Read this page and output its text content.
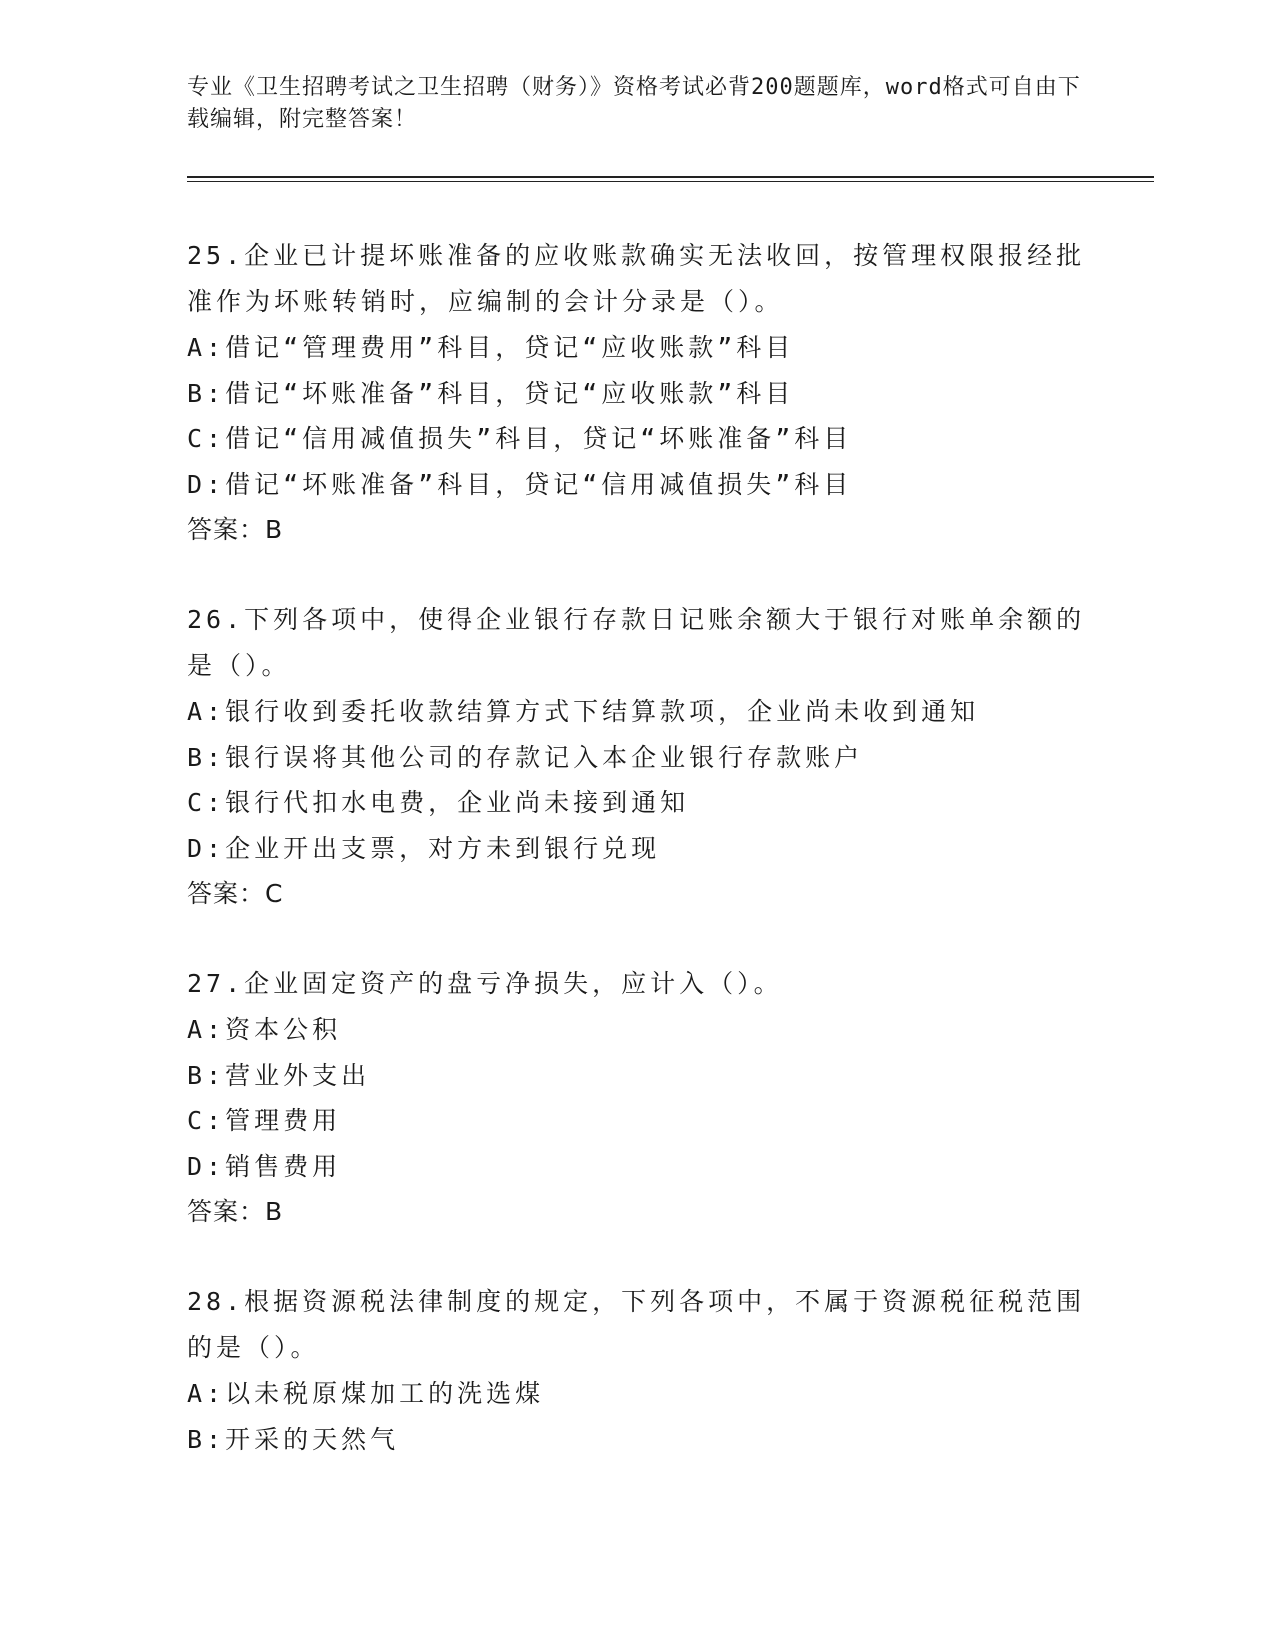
专业《卫生招聘考试之卫生招聘（财务）》资格考试必背200题题库，word格式可自由下载编辑，附完整答案！
25.企业已计提坏账准备的应收账款确实无法收回，按管理权限报经批准作为坏账转销时，应编制的会计分录是（）。
A:借记“管理费用”科目，贷记“应收账款”科目
B:借记“坏账准备”科目，贷记“应收账款”科目
C:借记“信用减值损失”科目，贷记“坏账准备”科目
D:借记“坏账准备”科目，贷记“信用减值损失”科目
答案：B
26.下列各项中，使得企业银行存款日记账余额大于银行对账单余额的是（）。
A:银行收到委托收款结算方式下结算款项，企业尚未收到通知
B:银行误将其他公司的存款记入本企业银行存款账户
C:银行代扣水电费，企业尚未接到通知
D:企业开出支票，对方未到银行兑现
答案：C
27.企业固定资产的盘亏净损失，应计入（）。
A:资本公积
B:营业外支出
C:管理费用
D:销售费用
答案：B
28.根据资源税法律制度的规定，下列各项中，不属于资源税征税范围的是（）。
A:以未税原煤加工的洗选煤
B:开采的天然气
